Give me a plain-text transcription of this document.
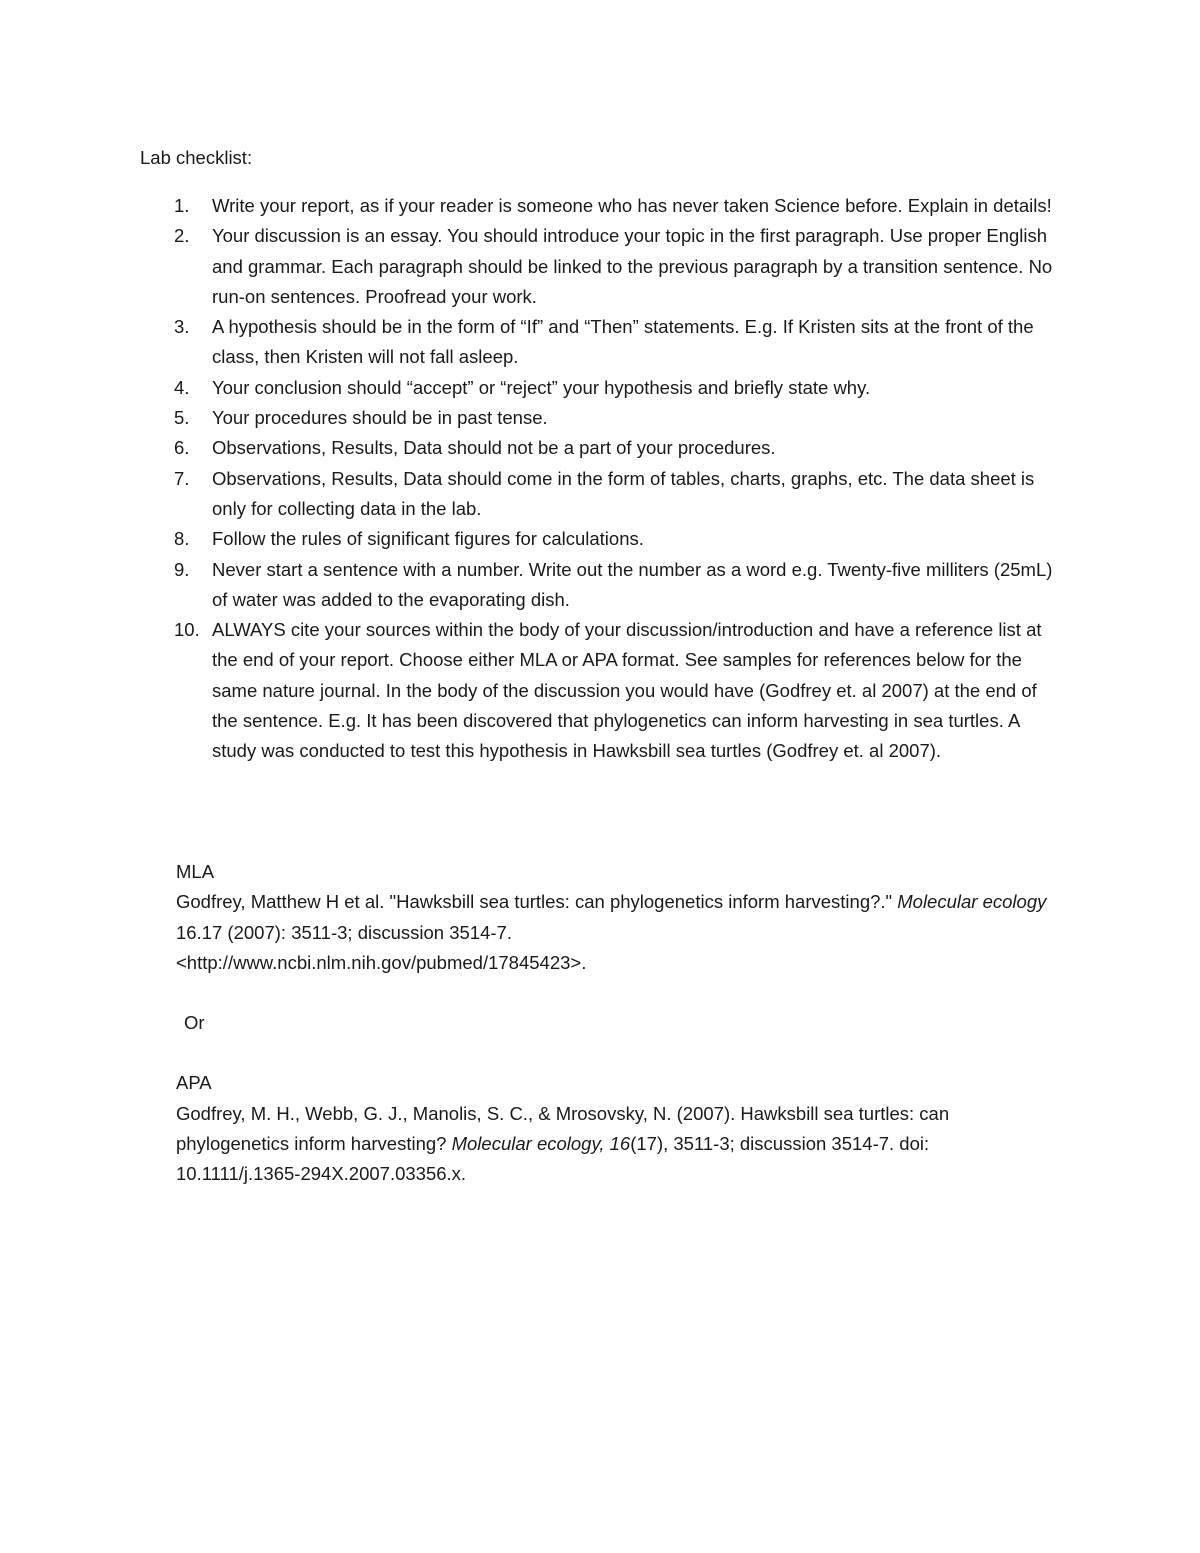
Lab checklist:
1. Write your report, as if your reader is someone who has never taken Science before. Explain in details!
2. Your discussion is an essay. You should introduce your topic in the first paragraph. Use proper English and grammar. Each paragraph should be linked to the previous paragraph by a transition sentence. No run-on sentences. Proofread your work.
3. A hypothesis should be in the form of “If” and “Then” statements. E.g. If Kristen sits at the front of the class, then Kristen will not fall asleep.
4. Your conclusion should “accept” or “reject” your hypothesis and briefly state why.
5. Your procedures should be in past tense.
6. Observations, Results, Data should not be a part of your procedures.
7. Observations, Results, Data should come in the form of tables, charts, graphs, etc. The data sheet is only for collecting data in the lab.
8. Follow the rules of significant figures for calculations.
9. Never start a sentence with a number. Write out the number as a word e.g. Twenty-five milliters (25mL) of water was added to the evaporating dish.
10. ALWAYS cite your sources within the body of your discussion/introduction and have a reference list at the end of your report. Choose either MLA or APA format. See samples for references below for the same nature journal. In the body of the discussion you would have (Godfrey et. al 2007) at the end of the sentence. E.g. It has been discovered that phylogenetics can inform harvesting in sea turtles. A study was conducted to test this hypothesis in Hawksbill sea turtles (Godfrey et. al 2007).
MLA

Godfrey, Matthew H et al. "Hawksbill sea turtles: can phylogenetics inform harvesting?." Molecular ecology 16.17 (2007): 3511-3; discussion 3514-7.
<http://www.ncbi.nlm.nih.gov/pubmed/17845423>.

Or
APA

Godfrey, M. H., Webb, G. J., Manolis, S. C., & Mrosovsky, N. (2007). Hawksbill sea turtles: can phylogenetics inform harvesting? Molecular ecology, 16(17), 3511-3; discussion 3514-7. doi: 10.1111/j.1365-294X.2007.03356.x.
